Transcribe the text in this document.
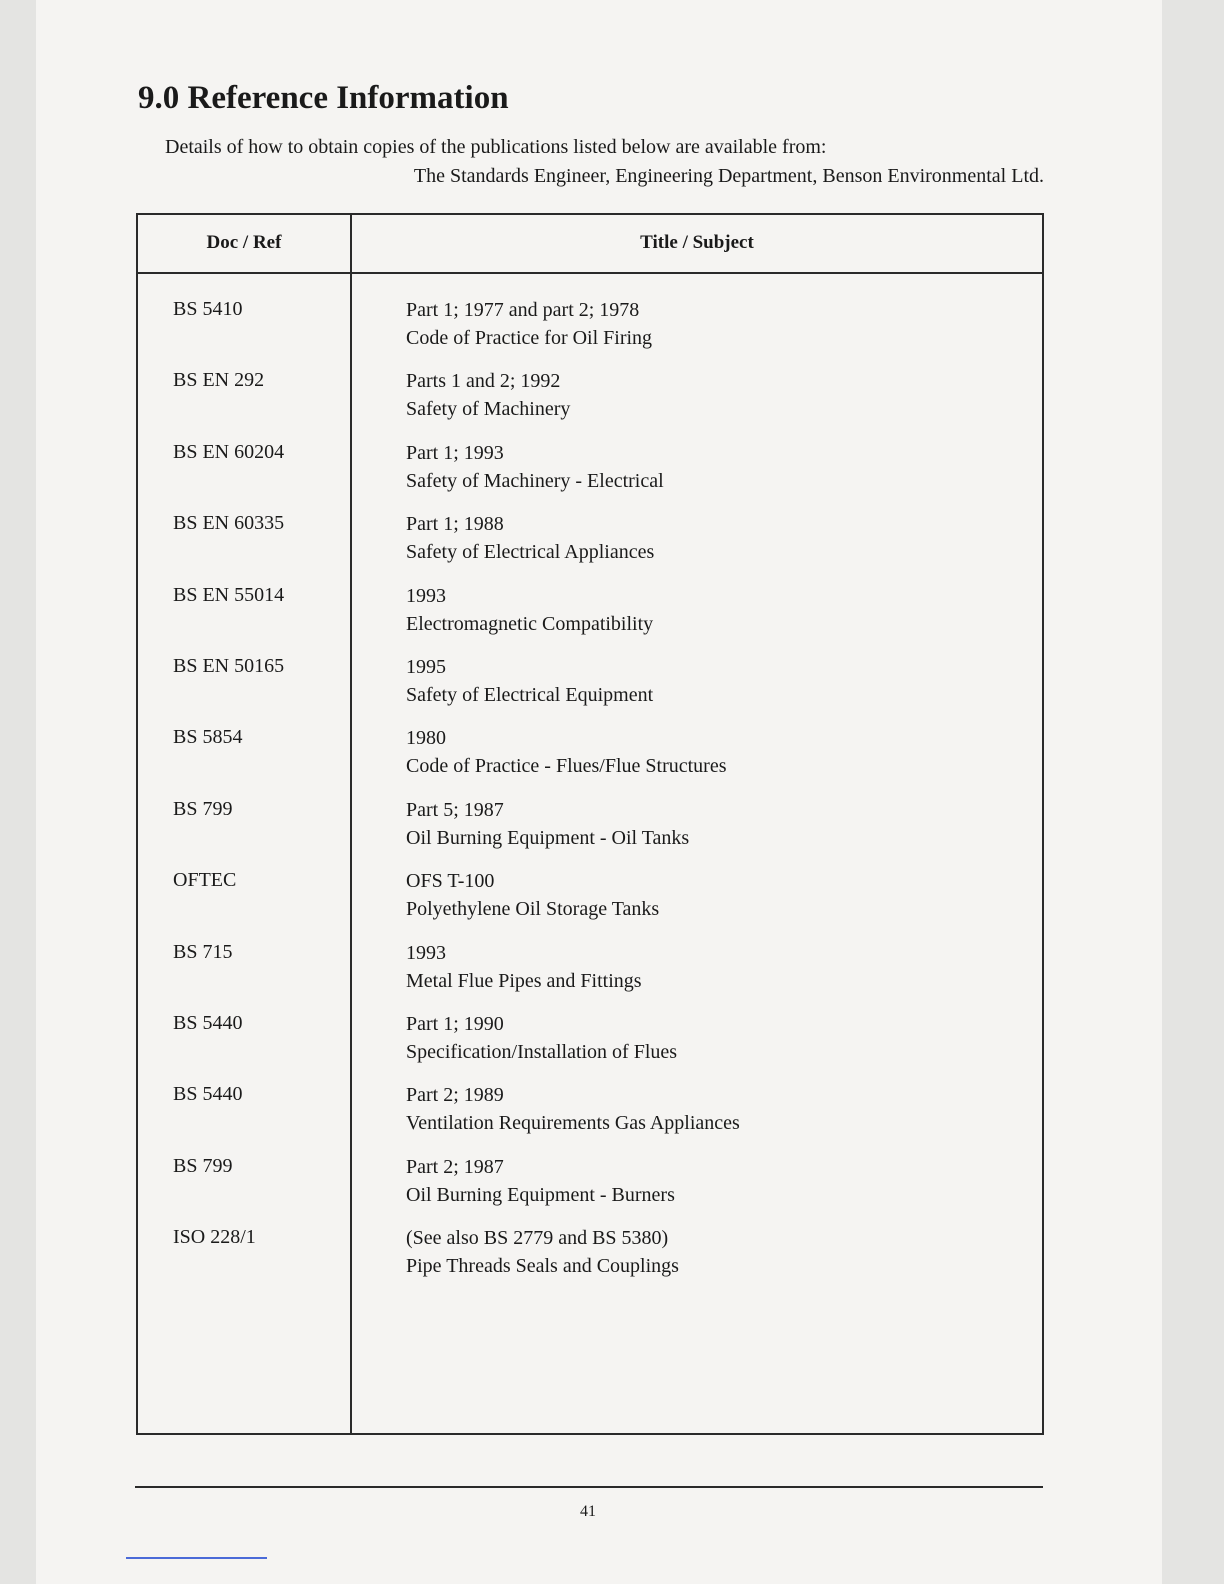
9.0 Reference Information

Details of how to obtain copies of the publications listed below are available from:

The Standards Engineer, Engineering Department, Benson Environmental Ltd.

Doc / Ref	Title / Subject
BS 5410	Part 1; 1977 and part 2; 1978
Code of Practice for Oil Firing
BS EN 292	Parts 1 and 2; 1992
Safety of Machinery
BS EN 60204	Part 1; 1993
Safety of Machinery - Electrical
BS EN 60335	Part 1; 1988
Safety of Electrical Appliances
BS EN 55014	1993
Electromagnetic Compatibility
BS EN 50165	1995
Safety of Electrical Equipment
BS 5854	1980
Code of Practice - Flues/Flue Structures
BS 799	Part 5; 1987
Oil Burning Equipment - Oil Tanks
OFTEC	OFS T-100
Polyethylene Oil Storage Tanks
BS 715	1993
Metal Flue Pipes and Fittings
BS 5440	Part 1; 1990
Specification/Installation of Flues
BS 5440	Part 2; 1989
Ventilation Requirements Gas Appliances
BS 799	Part 2; 1987
Oil Burning Equipment - Burners
ISO 228/1	(See also BS 2779 and BS 5380)
Pipe Threads Seals and Couplings
41
